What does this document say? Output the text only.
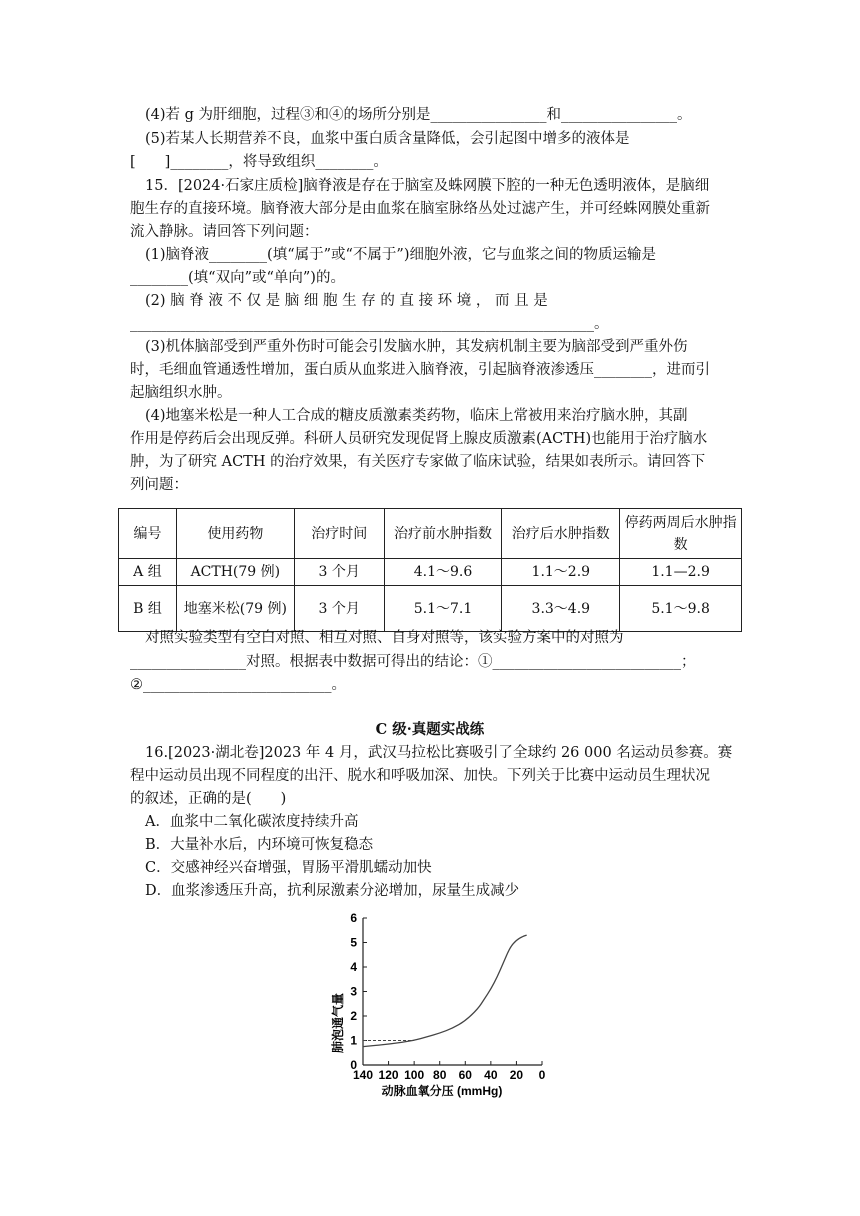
(4)若 g 为肝细胞，过程③和④的场所分别是________________和________________。
(5)若某人长期营养不良，血浆中蛋白质含量降低，会引起图中增多的液体是
[　　]________，将导致组织________。
15．[2024·石家庄质检]脑脊液是存在于脑室及蛛网膜下腔的一种无色透明液体，是脑细
胞生存的直接环境。脑脊液大部分是由血浆在脑室脉络丛处过滤产生，并可经蛛网膜处重新
流入静脉。请回答下列问题：
(1)脑脊液________(填“属于”或“不属于”)细胞外液，它与血浆之间的物质运输是
________(填“双向”或“单向”)的。
(2) 脑 脊 液 不 仅 是 脑 细 胞 生 存 的 直 接 环 境 ， 而 且 是
________________________________________________________________。
(3)机体脑部受到严重外伤时可能会引发脑水肿，其发病机制主要为脑部受到严重外伤
时，毛细血管通透性增加，蛋白质从血浆进入脑脊液，引起脑脊液渗透压________，进而引
起脑组织水肿。
(4)地塞米松是一种人工合成的糖皮质激素类药物，临床上常被用来治疗脑水肿，其副
作用是停药后会出现反弹。科研人员研究发现促肾上腺皮质激素(ACTH)也能用于治疗脑水
肿，为了研究 ACTH 的治疗效果，有关医疗专家做了临床试验，结果如表所示。请回答下
列问题：
编号	使用药物	治疗时间	治疗前水肿指数	治疗后水肿指数	停药两周后水肿指数
A 组	ACTH(79 例)	3 个月	4.1～9.6	1.1～2.9	1.1—2.9
B 组	地塞米松(79 例)	3 个月	5.1～7.1	3.3～4.9	5.1～9.8
对照实验类型有空白对照、相互对照、自身对照等，该实验方案中的对照为
________________对照。根据表中数据可得出的结论：①__________________________；
②__________________________。
C 级·真题实战练
16.[2023·湖北卷]2023 年 4 月，武汉马拉松比赛吸引了全球约 26 000 名运动员参赛。赛
程中运动员出现不同程度的出汗、脱水和呼吸加深、加快。下列关于比赛中运动员生理状况
的叙述，正确的是(　　)
A．血浆中二氧化碳浓度持续升高
B．大量补水后，内环境可恢复稳态
C．交感神经兴奋增强，胃肠平滑肌蠕动加快
D．血浆渗透压升高，抗利尿激素分泌增加，尿量生成减少
0
1
2
3
4
5
6
140 120 100 80 60 40 20 0
肺泡通气量
动脉血氧分压 (mmHg)
